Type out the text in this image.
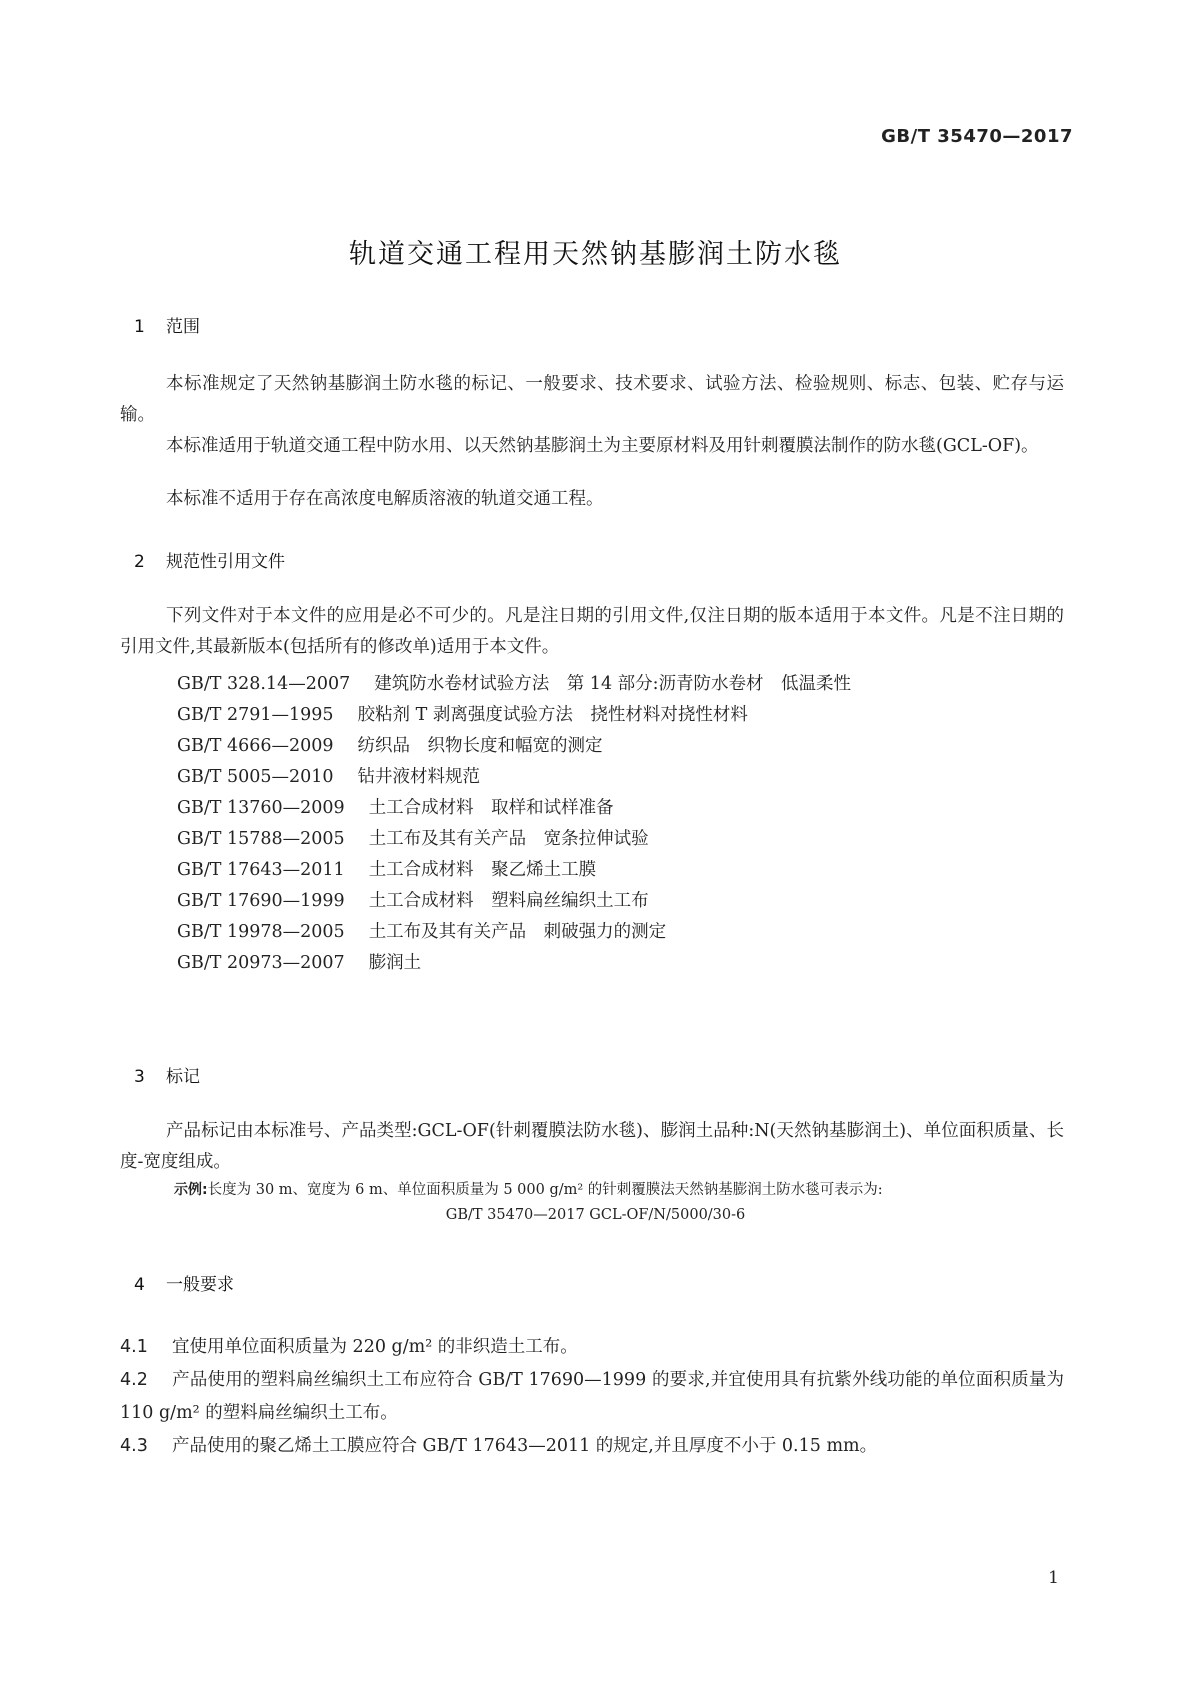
GB/T 35470—2017
轨道交通工程用天然钠基膨润土防水毯
1 范围

本标准规定了天然钠基膨润土防水毯的标记、一般要求、技术要求、试验方法、检验规则、标志、包装、贮存与运输。

本标准适用于轨道交通工程中防水用、以天然钠基膨润土为主要原材料及用针刺覆膜法制作的防水毯(GCL-OF)。

本标准不适用于存在高浓度电解质溶液的轨道交通工程。

2 规范性引用文件

下列文件对于本文件的应用是必不可少的。凡是注日期的引用文件,仅注日期的版本适用于本文件。凡是不注日期的引用文件,其最新版本(包括所有的修改单)适用于本文件。

GB/T 328.14—2007 建筑防水卷材试验方法　第 14 部分:沥青防水卷材　低温柔性
GB/T 2791—1995 胶粘剂 T 剥离强度试验方法　挠性材料对挠性材料
GB/T 4666—2009 纺织品　织物长度和幅宽的测定
GB/T 5005—2010 钻井液材料规范
GB/T 13760—2009 土工合成材料　取样和试样准备
GB/T 15788—2005 土工布及其有关产品　宽条拉伸试验
GB/T 17643—2011 土工合成材料　聚乙烯土工膜
GB/T 17690—1999 土工合成材料　塑料扁丝编织土工布
GB/T 19978—2005 土工布及其有关产品　刺破强力的测定
GB/T 20973—2007 膨润土
3 标记

产品标记由本标准号、产品类型:GCL-OF(针刺覆膜法防水毯)、膨润土品种:N(天然钠基膨润土)、单位面积质量、长度-宽度组成。

示例:长度为 30 m、宽度为 6 m、单位面积质量为 5 000 g/m² 的针刺覆膜法天然钠基膨润土防水毯可表示为:
GB/T 35470—2017 GCL-OF/N/5000/30-6
4 一般要求
4.1 宜使用单位面积质量为 220 g/m² 的非织造土工布。
4.2 产品使用的塑料扁丝编织土工布应符合 GB/T 17690—1999 的要求,并宜使用具有抗紫外线功能的单位面积质量为 110 g/m² 的塑料扁丝编织土工布。
4.3 产品使用的聚乙烯土工膜应符合 GB/T 17643—2011 的规定,并且厚度不小于 0.15 mm。
1
